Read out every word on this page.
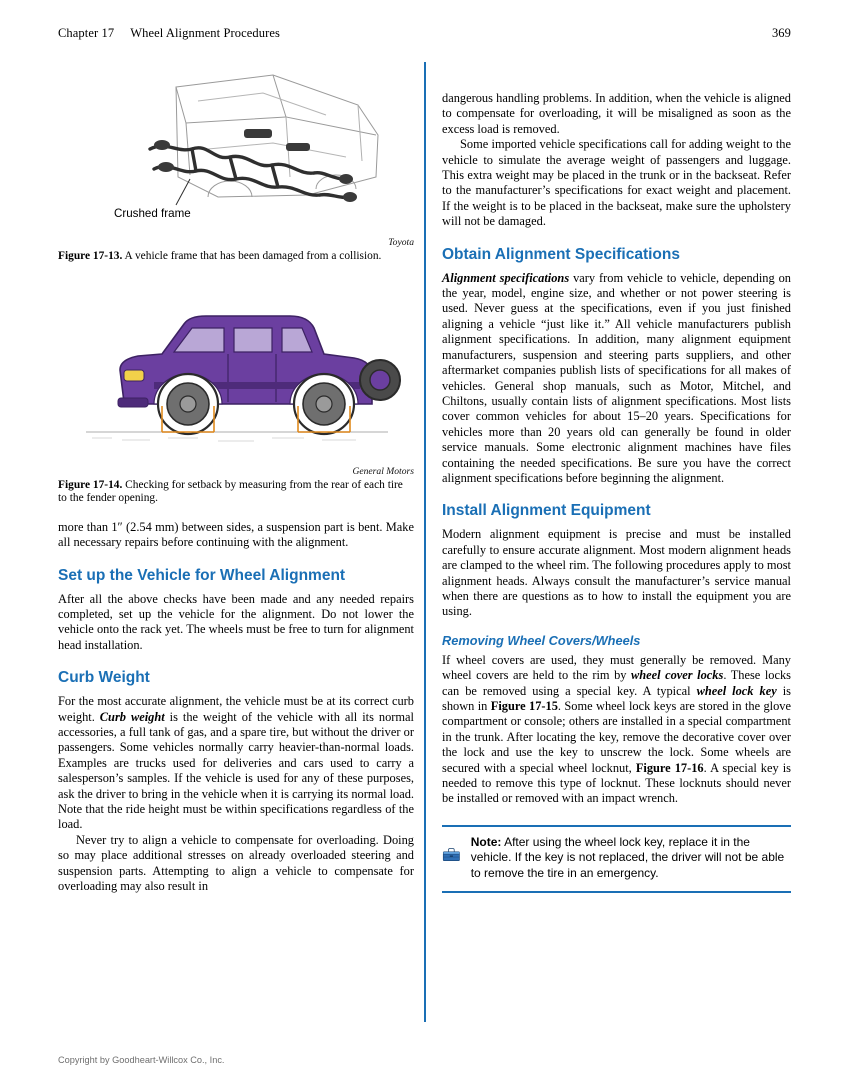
Chapter 17 Wheel Alignment Procedures	369
Crushed frame
Toyota
Figure 17-13. A vehicle frame that has been damaged from a collision.
General Motors
Figure 17-14. Checking for setback by measuring from the rear of each tire to the fender opening.

more than 1″ (2.54 mm) between sides, a suspension part is bent. Make all necessary repairs before continuing with the alignment.

Set up the Vehicle for Wheel Alignment

After all the above checks have been made and any needed repairs completed, set up the vehicle for the alignment. Do not lower the vehicle onto the rack yet. The wheels must be free to turn for alignment head installation.

Curb Weight

For the most accurate alignment, the vehicle must be at its correct curb weight. Curb weight is the weight of the vehicle with all its normal accessories, a full tank of gas, and a spare tire, but without the driver or passengers. Some vehicles normally carry heavier-than-normal loads. Examples are trucks used for deliveries and cars used to carry a salesperson’s samples. If the vehicle is used for any of these purposes, ask the driver to bring in the vehicle when it is carrying its normal load. Note that the ride height must be within specifications regardless of the load.

Never try to align a vehicle to compensate for overloading. Doing so may place additional stresses on already overloaded steering and suspension parts. Attempting to align a vehicle to compensate for overloading may also result in

dangerous handling problems. In addition, when the vehicle is aligned to compensate for overloading, it will be misaligned as soon as the excess load is removed.

Some imported vehicle specifications call for adding weight to the vehicle to simulate the average weight of passengers and luggage. This extra weight may be placed in the trunk or in the backseat. Refer to the manufacturer’s specifications for exact weight and placement. If the weight is to be placed in the backseat, make sure the upholstery will not be damaged.

Obtain Alignment Specifications

Alignment specifications vary from vehicle to vehicle, depending on the year, model, engine size, and whether or not power steering is used. Never guess at the specifications, even if you just finished aligning a vehicle “just like it.” All vehicle manufacturers publish alignment specifications. In addition, many alignment equipment manufacturers, suspension and steering parts suppliers, and other aftermarket companies publish lists of specifications for all makes of vehicles. General shop manuals, such as Motor, Mitchel, and Chiltons, usually contain lists of alignment specifications. Most lists cover common vehicles for about 15–20 years. Specifications for vehicles more than 20 years old can generally be found in older service manuals. Some electronic alignment machines have files containing the needed specifications. Be sure you have the correct alignment specifications before beginning the alignment.

Install Alignment Equipment

Modern alignment equipment is precise and must be installed carefully to ensure accurate alignment. Most modern alignment heads are clamped to the wheel rim. The following procedures apply to most alignment heads. Always consult the manufacturer’s service manual when there are questions as to how to install the equipment you are using.

Removing Wheel Covers/Wheels

If wheel covers are used, they must generally be removed. Many wheel covers are held to the rim by wheel cover locks. These locks can be removed using a special key. A typical wheel lock key is shown in Figure 17-15. Some wheel lock keys are stored in the glove compartment or console; others are installed in a special compartment in the trunk. After locating the key, remove the decorative cover over the lock and use the key to unscrew the lock. Some wheels are secured with a special wheel locknut, Figure 17-16. A special key is needed to remove this type of locknut. These locknuts should never be installed or removed with an impact wrench.

Note: After using the wheel lock key, replace it in the vehicle. If the key is not replaced, the driver will not be able to remove the tire in an emergency.
Copyright by Goodheart-Willcox Co., Inc.
